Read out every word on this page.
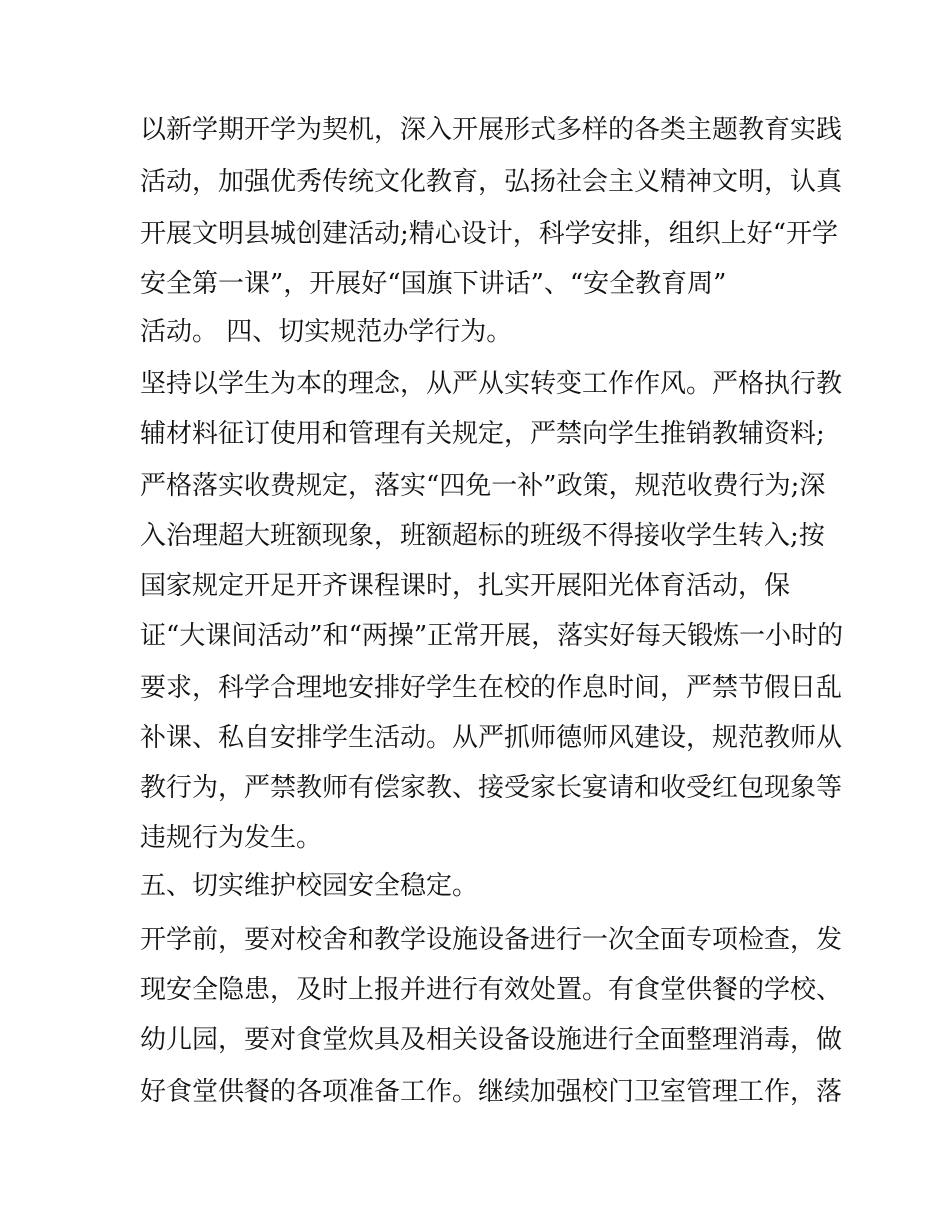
以新学期开学为契机，深入开展形式多样的各类主题教育实践

活动，加强优秀传统文化教育，弘扬社会主义精神文明，认真

开展文明县城创建活动;精心设计，科学安排，组织上好“开学

安全第一课”，开展好“国旗下讲话”、“安全教育周”

活动。 四、切实规范办学行为。

坚持以学生为本的理念，从严从实转变工作作风。严格执行教

辅材料征订使用和管理有关规定，严禁向学生推销教辅资料;

严格落实收费规定，落实“四免一补”政策，规范收费行为;深

入治理超大班额现象，班额超标的班级不得接收学生转入;按

国家规定开足开齐课程课时，扎实开展阳光体育活动，保

证“大课间活动”和“两操”正常开展，落实好每天锻炼一小时的

要求，科学合理地安排好学生在校的作息时间，严禁节假日乱

补课、私自安排学生活动。从严抓师德师风建设，规范教师从

教行为，严禁教师有偿家教、接受家长宴请和收受红包现象等

违规行为发生。

五、切实维护校园安全稳定。

开学前，要对校舍和教学设施设备进行一次全面专项检查，发

现安全隐患，及时上报并进行有效处置。有食堂供餐的学校、

幼儿园，要对食堂炊具及相关设备设施进行全面整理消毒，做

好食堂供餐的各项准备工作。继续加强校门卫室管理工作，落
